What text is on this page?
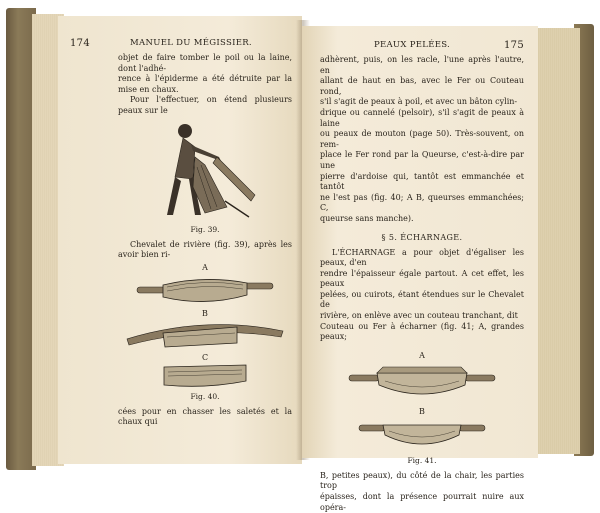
174	MANUEL DU MÉGISSIER.

objet de faire tomber le poil ou la laine, dont l'adhé-

rence à l'épiderme a été détruite par la mise en chaux.

Pour l'effectuer, on étend plusieurs peaux sur le

Fig. 39.

Chevalet de rivière (fig. 39), après les avoir bien ri-

A
B
C
Fig. 40.

cées pour en chasser les saletés et la chaux qui

PEAUX PELÉES.	175

adhèrent, puis, on les racle, l'une après l'autre, en

allant de haut en bas, avec le Fer ou Couteau rond,

s'il s'agit de peaux à poil, et avec un bâton cylin-

drique ou cannelé (pelsoir), s'il s'agit de peaux à laine

ou peaux de mouton (page 50). Très-souvent, on rem-

place le Fer rond par la Queurse, c'est-à-dire par une

pierre d'ardoise qui, tantôt est emmanchée et tantôt

ne l'est pas (fig. 40; A B, queurses emmanchées; C,

queurse sans manche).

§ 5. ÉCHARNAGE.

L'ÉCHARNAGE a pour objet d'égaliser les peaux, d'en

rendre l'épaisseur égale partout. A cet effet, les peaux

pelées, ou cuirots, étant étendues sur le Chevalet de

rivière, on enlève avec un couteau tranchant, dit

Couteau ou Fer à écharner (fig. 41; A, grandes peaux;

A
B
Fig. 41.

B, petites peaux), du côté de la chair, les parties trop

épaisses, dont la présence pourrait nuire aux opéra-
